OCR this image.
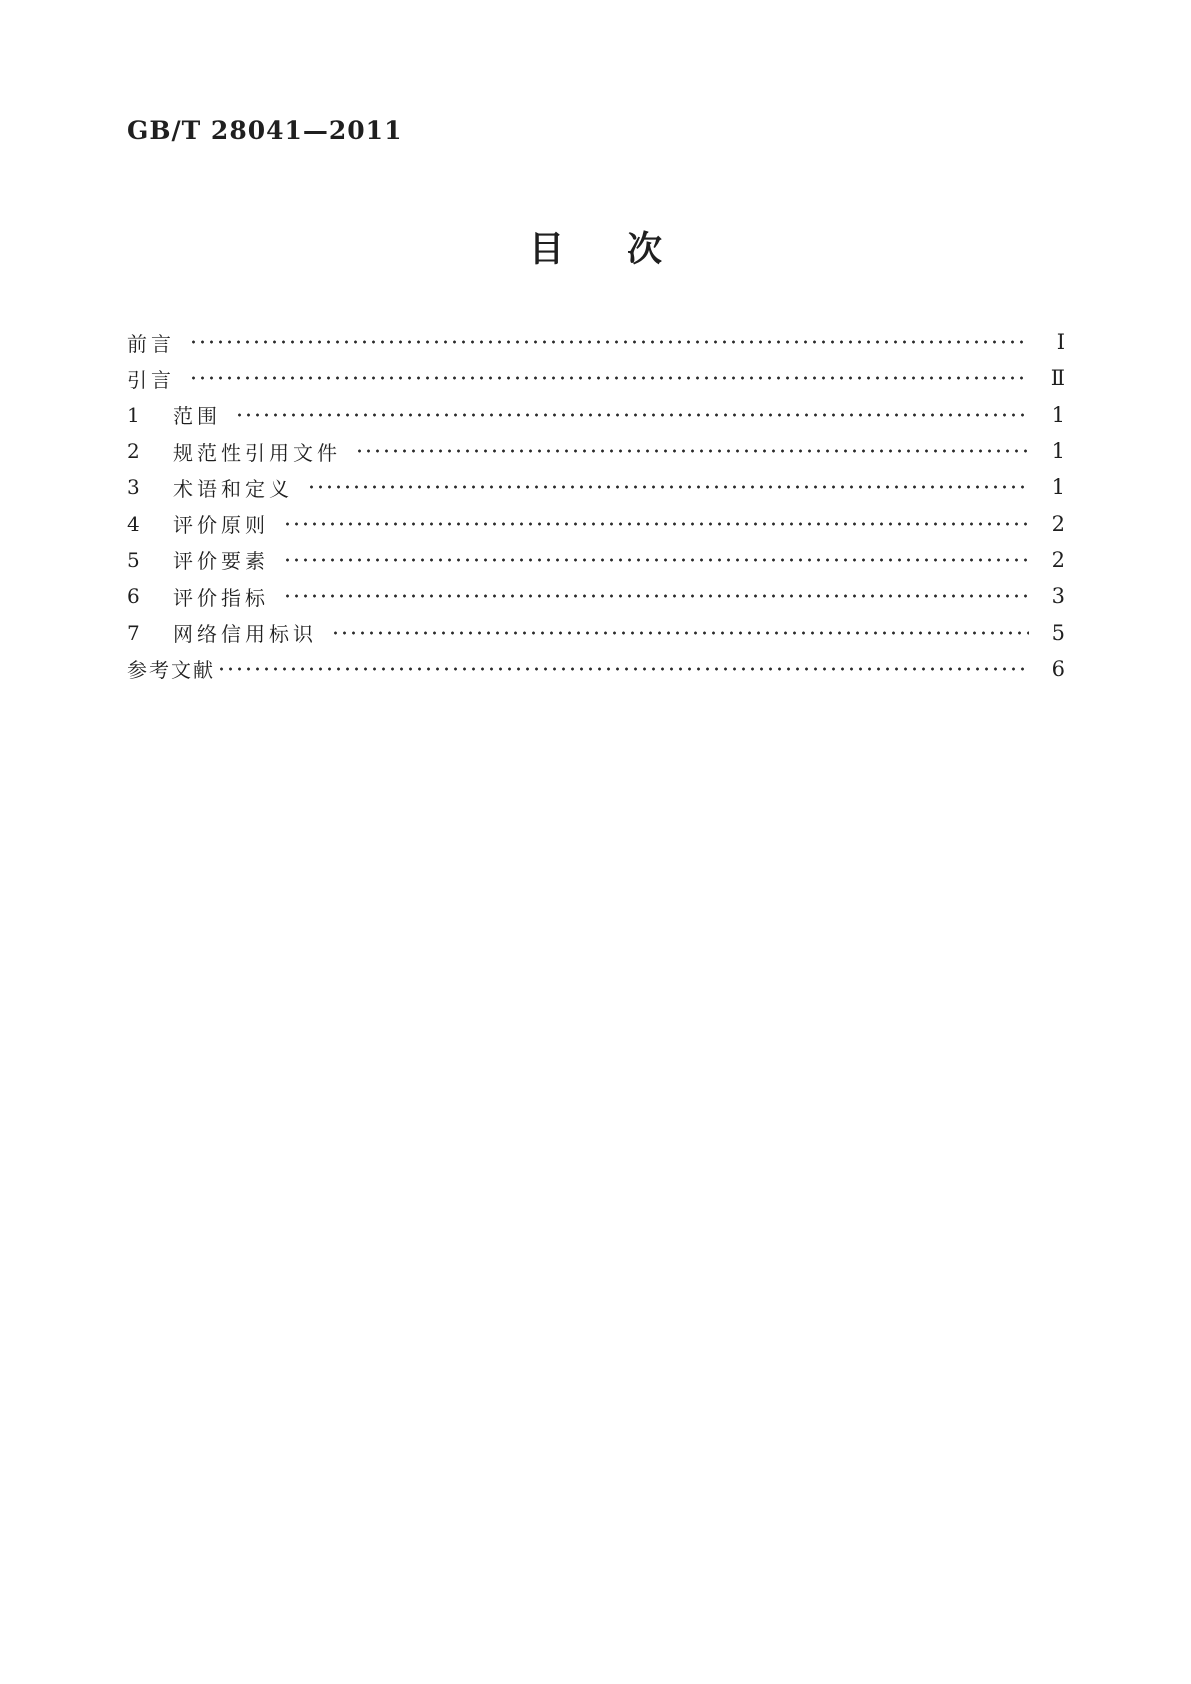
GB/T 28041—2011
目　次
前言	Ⅰ
引言	Ⅱ
1	范围	1
2	规范性引用文件	1
3	术语和定义	1
4	评价原则	2
5	评价要素	2
6	评价指标	3
7	网络信用标识	5
参考文献	6
